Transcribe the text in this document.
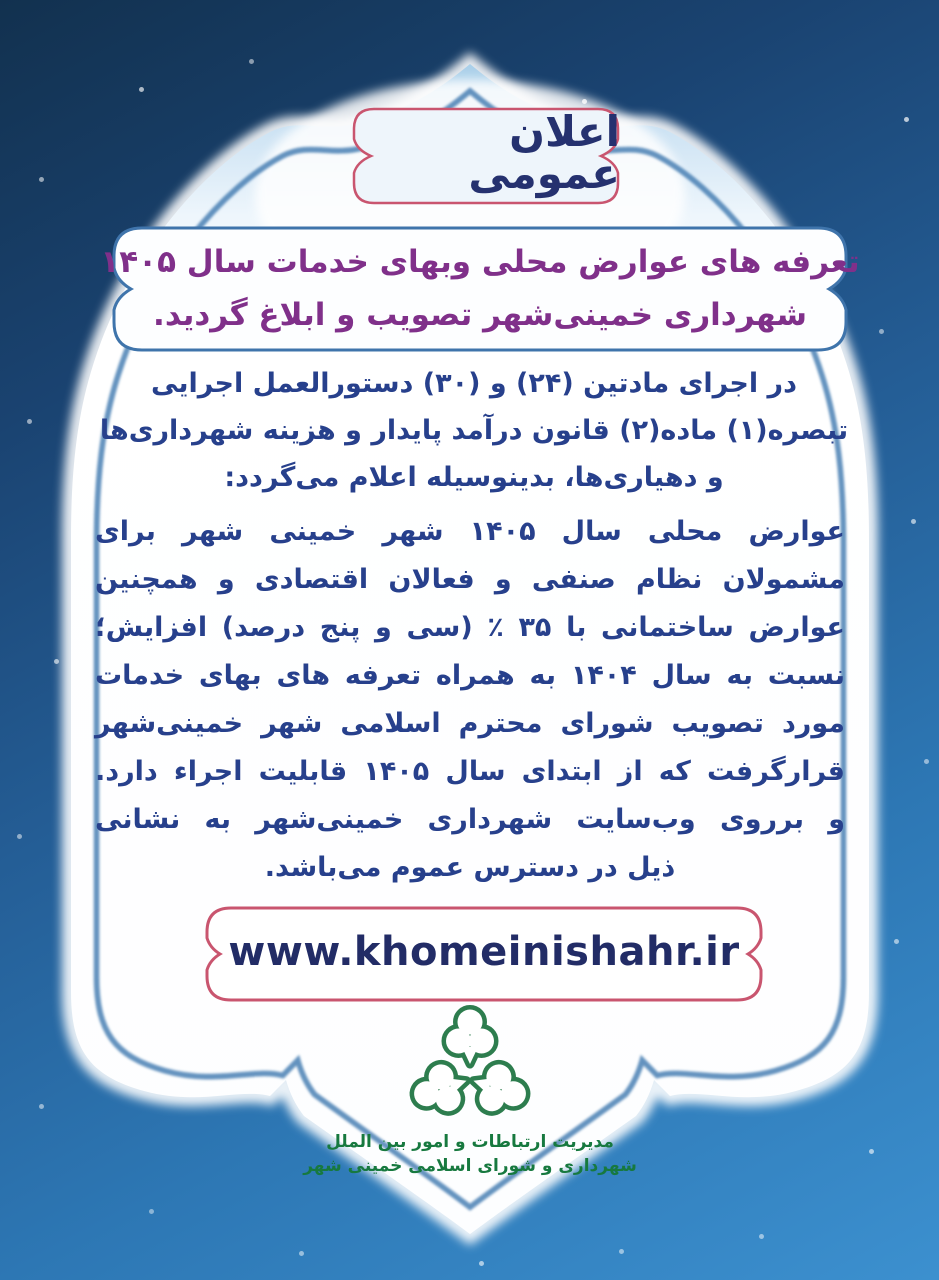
اعلان عمومی
تعرفه های عوارض محلی وبهای خدمات سال ۱۴۰۵
شهرداری خمینی‌شهر تصویب و ابلاغ گردید.
در اجرای مادتین (۲۴) و (۳۰) دستورالعمل اجرایی
تبصره(۱) ماده(۲) قانون درآمد پایدار و هزینه شهرداری‌ها
و دهیاری‌ها، بدینوسیله اعلام می‌گردد:
عوارض محلی سال ۱۴۰۵ شهر خمینی شهر برای
مشمولان نظام صنفی و فعالان اقتصادی و همچنین
عوارض ساختمانی با ۳۵ ٪ (سی و پنج درصد) افزایش؛
نسبت به سال ۱۴۰۴ به همراه تعرفه های بهای خدمات
مورد تصویب شورای محترم اسلامی شهر خمینی‌شهر
قرارگرفت که از ابتدای سال ۱۴۰۵ قابلیت اجراء دارد.
و برروی وب‌سایت شهرداری خمینی‌شهر به نشانی
ذیل در دسترس عموم می‌باشد.
www.khomeinishahr.ir
مدیریت ارتباطات و امور بین الملل
شهرداری و شورای اسلامی خمینی شهر
